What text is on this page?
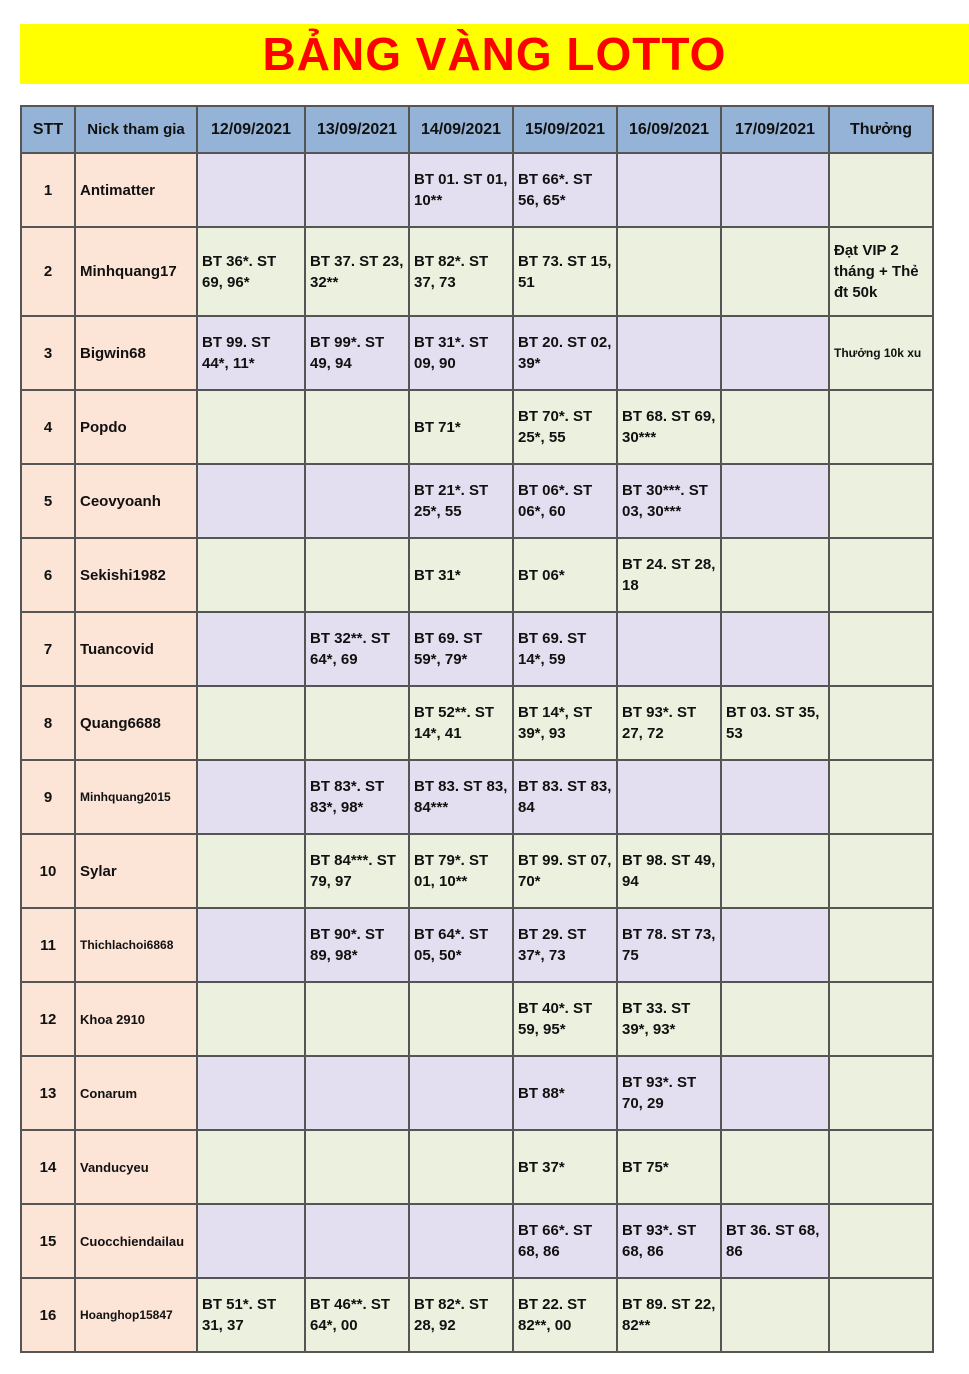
BẢNG VÀNG LOTTO
STT	Nick tham gia	12/09/2021	13/09/2021	14/09/2021	15/09/2021	16/09/2021	17/09/2021	Thưởng
1	Antimatter			BT 01. ST 01, 10**	BT 66*. ST 56, 65*			
2	Minhquang17	BT 36*. ST 69, 96*	BT 37. ST 23, 32**	BT 82*. ST 37, 73	BT 73. ST 15, 51			Đạt VIP 2 tháng + Thẻ đt 50k
3	Bigwin68	BT 99. ST 44*, 11*	BT 99*. ST 49, 94	BT 31*. ST 09, 90	BT 20. ST 02, 39*			Thưởng 10k xu
4	Popdo			BT 71*	BT 70*. ST 25*, 55	BT 68. ST 69, 30***		
5	Ceovyoanh			BT 21*. ST 25*, 55	BT 06*. ST 06*, 60	BT 30***. ST 03, 30***		
6	Sekishi1982			BT 31*	BT 06*	BT 24. ST 28, 18		
7	Tuancovid		BT 32**. ST 64*, 69	BT 69. ST 59*, 79*	BT 69. ST 14*, 59			
8	Quang6688			BT 52**. ST 14*, 41	BT 14*, ST 39*, 93	BT 93*. ST 27, 72	BT 03. ST 35, 53	
9	Minhquang2015		BT 83*. ST 83*, 98*	BT 83. ST 83, 84***	BT 83. ST 83, 84			
10	Sylar		BT 84***. ST 79, 97	BT 79*. ST 01, 10**	BT 99. ST 07, 70*	BT 98. ST 49, 94		
11	Thichlachoi6868		BT 90*. ST 89, 98*	BT 64*. ST 05, 50*	BT 29. ST 37*, 73	BT 78. ST 73, 75		
12	Khoa 2910				BT 40*. ST 59, 95*	BT 33. ST 39*, 93*		
13	Conarum				BT 88*	BT 93*. ST 70, 29		
14	Vanducyeu				BT 37*	BT 75*		
15	Cuocchiendailau				BT 66*. ST 68, 86	BT 93*. ST 68, 86	BT 36. ST 68, 86	
16	Hoanghop15847	BT 51*. ST 31, 37	BT 46**. ST 64*, 00	BT 82*. ST 28, 92	BT 22. ST 82**, 00	BT 89. ST 22, 82**		
